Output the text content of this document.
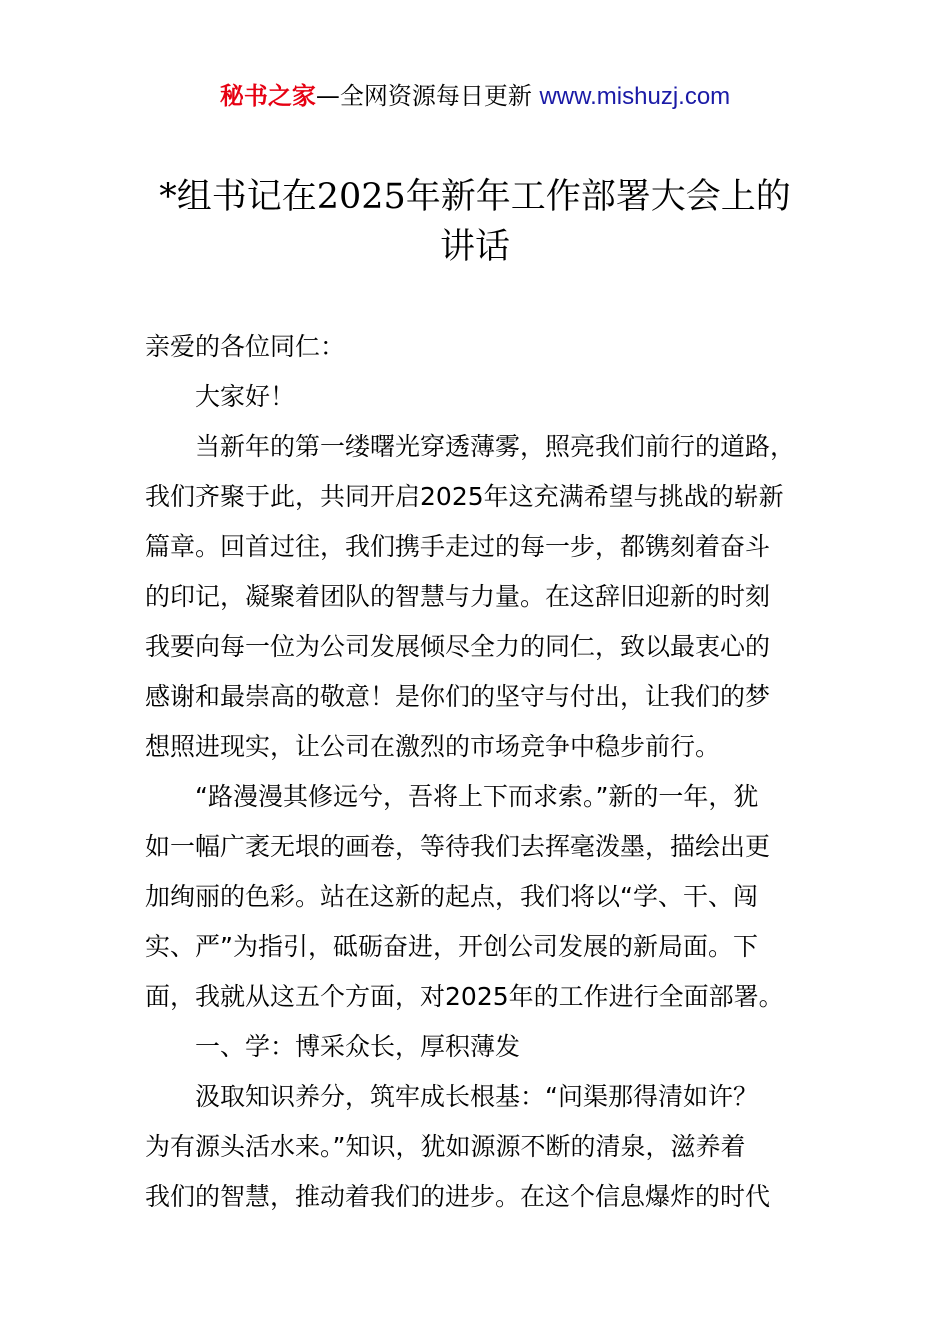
秘书之家—全网资源每日更新 www.mishuzj.com
*组书记在2025年新年工作部署大会上的
讲话
亲爱的各位同仁：
大家好！
当新年的第一缕曙光穿透薄雾，照亮我们前行的道路，
我们齐聚于此，共同开启2025年这充满希望与挑战的崭新
篇章。回首过往，我们携手走过的每一步，都镌刻着奋斗
的印记，凝聚着团队的智慧与力量。在这辞旧迎新的时刻
我要向每一位为公司发展倾尽全力的同仁，致以最衷心的
感谢和最崇高的敬意！是你们的坚守与付出，让我们的梦
想照进现实，让公司在激烈的市场竞争中稳步前行。
“路漫漫其修远兮，吾将上下而求索。”新的一年，犹
如一幅广袤无垠的画卷，等待我们去挥毫泼墨，描绘出更
加绚丽的色彩。站在这新的起点，我们将以“学、干、闯
实、严”为指引，砥砺奋进，开创公司发展的新局面。下
面，我就从这五个方面，对2025年的工作进行全面部署。
一、学：博采众长，厚积薄发
汲取知识养分，筑牢成长根基：“问渠那得清如许？
为有源头活水来。”知识，犹如源源不断的清泉，滋养着
我们的智慧，推动着我们的进步。在这个信息爆炸的时代
